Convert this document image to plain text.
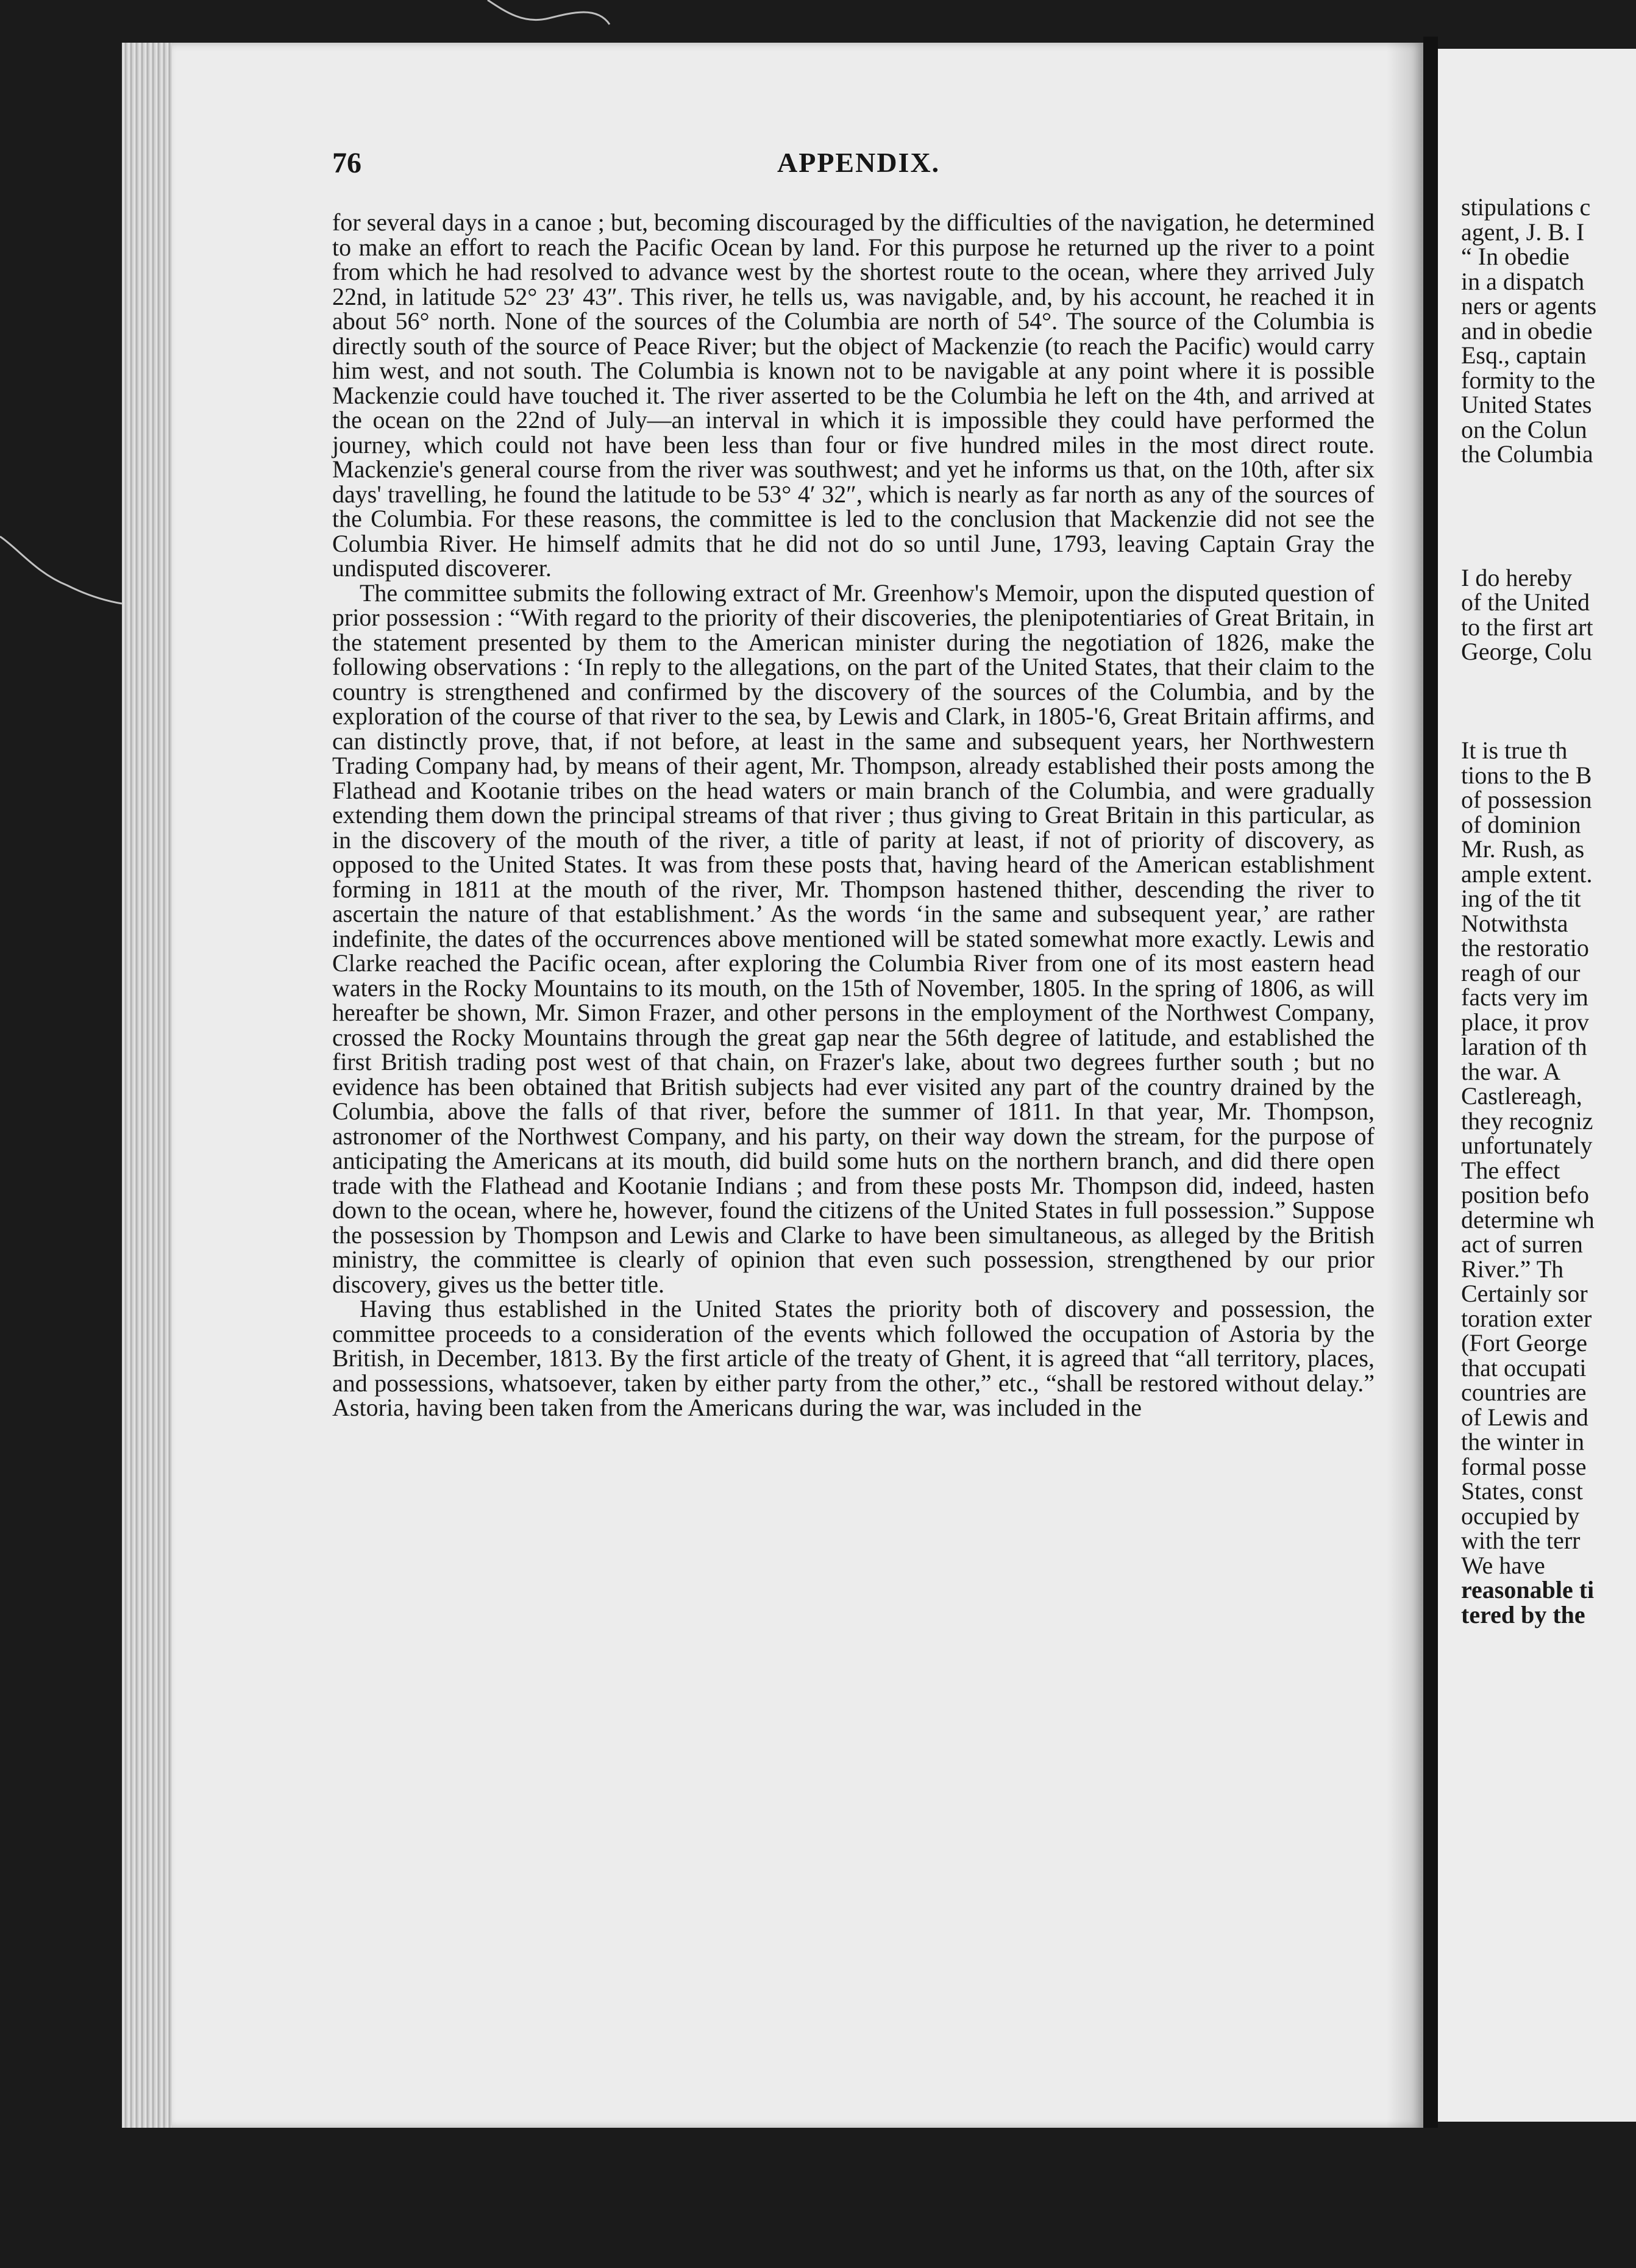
76	APPENDIX.

for several days in a canoe ; but, becoming discouraged by the difficulties of the navigation, he determined to make an effort to reach the Pacific Ocean by land. For this purpose he returned up the river to a point from which he had resolved to advance west by the shortest route to the ocean, where they arrived July 22nd, in latitude 52° 23′ 43″. This river, he tells us, was navigable, and, by his account, he reached it in about 56° north. None of the sources of the Columbia are north of 54°. The source of the Columbia is directly south of the source of Peace River; but the object of Mackenzie (to reach the Pacific) would carry him west, and not south. The Columbia is known not to be navigable at any point where it is possible Mackenzie could have touched it. The river asserted to be the Columbia he left on the 4th, and arrived at the ocean on the 22nd of July—an interval in which it is impossible they could have performed the journey, which could not have been less than four or five hundred miles in the most direct route. Mackenzie's general course from the river was southwest; and yet he informs us that, on the 10th, after six days' travelling, he found the latitude to be 53° 4′ 32″, which is nearly as far north as any of the sources of the Columbia. For these reasons, the committee is led to the conclusion that Mackenzie did not see the Columbia River. He himself admits that he did not do so until June, 1793, leaving Captain Gray the undisputed discoverer.

The committee submits the following extract of Mr. Greenhow's Memoir, upon the disputed question of prior possession : “With regard to the priority of their discoveries, the plenipotentiaries of Great Britain, in the statement presented by them to the American minister during the negotiation of 1826, make the following observations : ‘In reply to the allegations, on the part of the United States, that their claim to the country is strengthened and confirmed by the discovery of the sources of the Columbia, and by the exploration of the course of that river to the sea, by Lewis and Clark, in 1805-'6, Great Britain affirms, and can distinctly prove, that, if not before, at least in the same and subsequent years, her Northwestern Trading Company had, by means of their agent, Mr. Thompson, already established their posts among the Flathead and Kootanie tribes on the head waters or main branch of the Columbia, and were gradually extending them down the principal streams of that river ; thus giving to Great Britain in this particular, as in the discovery of the mouth of the river, a title of parity at least, if not of priority of discovery, as opposed to the United States. It was from these posts that, having heard of the American establishment forming in 1811 at the mouth of the river, Mr. Thompson hastened thither, descending the river to ascertain the nature of that establishment.’ As the words ‘in the same and subsequent year,’ are rather indefinite, the dates of the occurrences above mentioned will be stated somewhat more exactly. Lewis and Clarke reached the Pacific ocean, after exploring the Columbia River from one of its most eastern head waters in the Rocky Mountains to its mouth, on the 15th of November, 1805. In the spring of 1806, as will hereafter be shown, Mr. Simon Frazer, and other persons in the employment of the Northwest Company, crossed the Rocky Mountains through the great gap near the 56th degree of latitude, and established the first British trading post west of that chain, on Frazer's lake, about two degrees further south ; but no evidence has been obtained that British subjects had ever visited any part of the country drained by the Columbia, above the falls of that river, before the summer of 1811. In that year, Mr. Thompson, astronomer of the Northwest Company, and his party, on their way down the stream, for the purpose of anticipating the Americans at its mouth, did build some huts on the northern branch, and did there open trade with the Flathead and Kootanie Indians ; and from these posts Mr. Thompson did, indeed, hasten down to the ocean, where he, however, found the citizens of the United States in full possession.” Suppose the possession by Thompson and Lewis and Clarke to have been simultaneous, as alleged by the British ministry, the committee is clearly of opinion that even such possession, strengthened by our prior discovery, gives us the better title.

Having thus established in the United States the priority both of discovery and possession, the committee proceeds to a consideration of the events which followed the occupation of Astoria by the British, in December, 1813. By the first article of the treaty of Ghent, it is agreed that “all territory, places, and possessions, whatsoever, taken by either party from the other,” etc., “shall be restored without delay.” Astoria, having been taken from the Americans during the war, was included in the

stipulations c
agent, J. B. I
“ In obedie
in a dispatch
ners or agents
and in obedie
Esq., captain
formity to the
United States
on the Colun
the Columbia
I do hereby
of the United
to the first art
George, Colu
It is true th
tions to the B
of possession
of dominion
Mr. Rush, as
ample extent.
ing of the tit
Notwithsta
the restoratio
reagh of our
facts very im
place, it prov
laration of th
the war. A
Castlereagh,
they recogniz
unfortunately
The effect
position befo
determine wh
act of surren
River.” Th
Certainly sor
toration exter
(Fort George
that occupati
countries are
of Lewis and
the winter in
formal posse
States, const
occupied by
with the terr
We have
reasonable ti
tered by the
